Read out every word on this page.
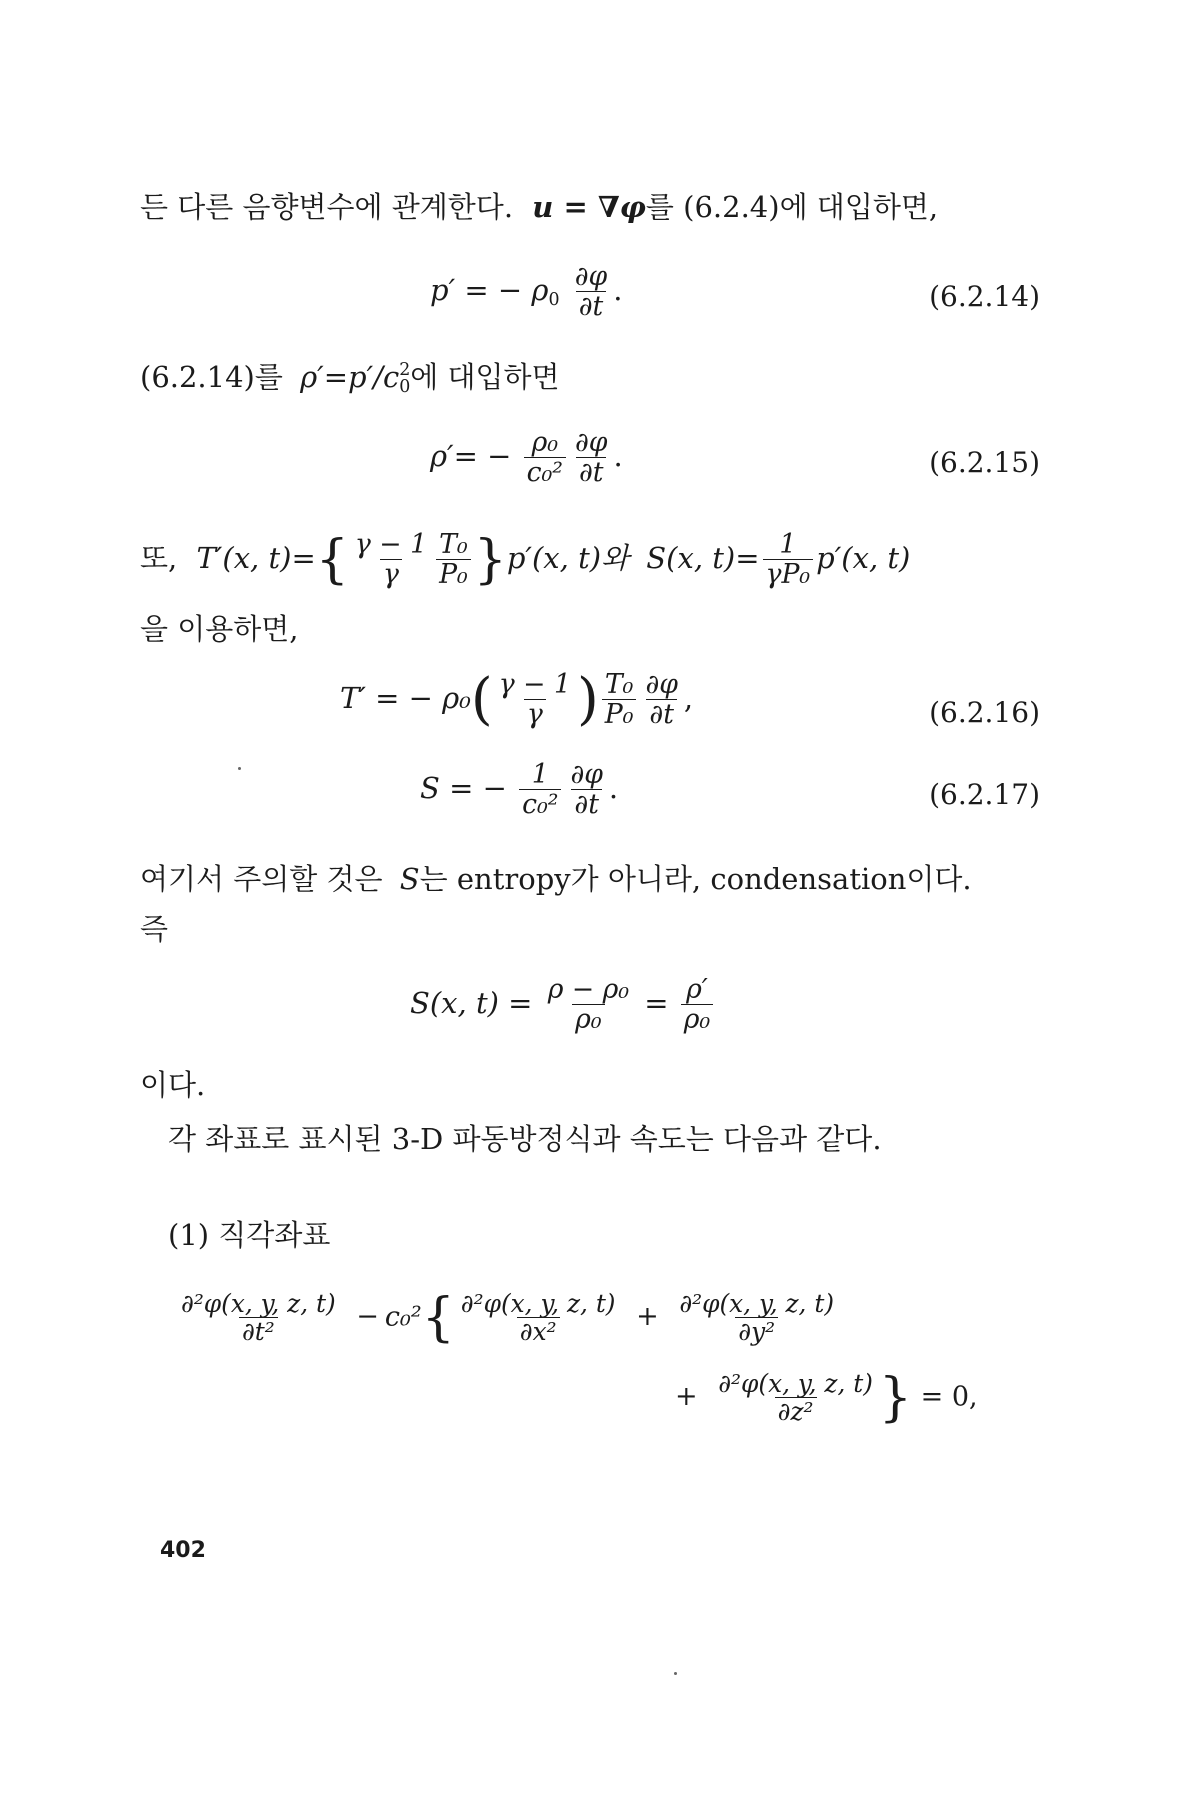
든 다른 음향변수에 관계한다. u = ∇φ를 (6.2.4)에 대입하면,
p′ = − $\rho_0 \frac{\partial\varphi}{\partial t}$ .	(6.2.14)
(6.2.14)를 ρ′=p′/c 2
0 에 대입하면
$\rho'= - \frac{\text{ρ₀}}{\text{c₀²}} \frac{\partial\varphi}{\partial t}$ .	(6.2.15)
또, T′(x, $t)=\{ \frac{\gamma - 1}{\gamma} \frac{\text{T₀}}{\text{P₀}} \}p'(x$, t)와 S(x, $t)= \frac{1}{\text{γP₀}} p'(x$, t)
을 이용하면,
T′ = − $\rho_0( \frac{\gamma - 1}{\gamma}$ ) $\frac{\text{T₀}}{\text{P₀}} \frac{\partial\varphi}{\partial t}$ ,	(6.2.16)
S = − $\frac{1}{\text{c₀²}} \frac{\partial\varphi}{\partial t}$ .	(6.2.17)
여기서 주의할 것은 S는 entropy가 아니라, condensation이다.
즉
S(x, $t) = \frac{\text{ρ − ρ₀}}{\text{ρ₀}} = \frac{\rho'}{\text{ρ₀}}$
이다.
각 좌표로 표시된 3-D 파동방정식과 속도는 다음과 같다.
(1) 직각좌표
$\frac{\text{∂²φ(x, y, z, t)}}{\text{∂t²}} - c_0^2\{ \frac{\text{∂²φ(x, y, z, t)}}{\text{∂x²}} + \frac{\text{∂²φ(x, y, z, t)}}{\text{∂y²}}$
+ $\frac{\text{∂²φ(x, y, z, t)}}{\text{∂z²}}$ } = 0,
402
